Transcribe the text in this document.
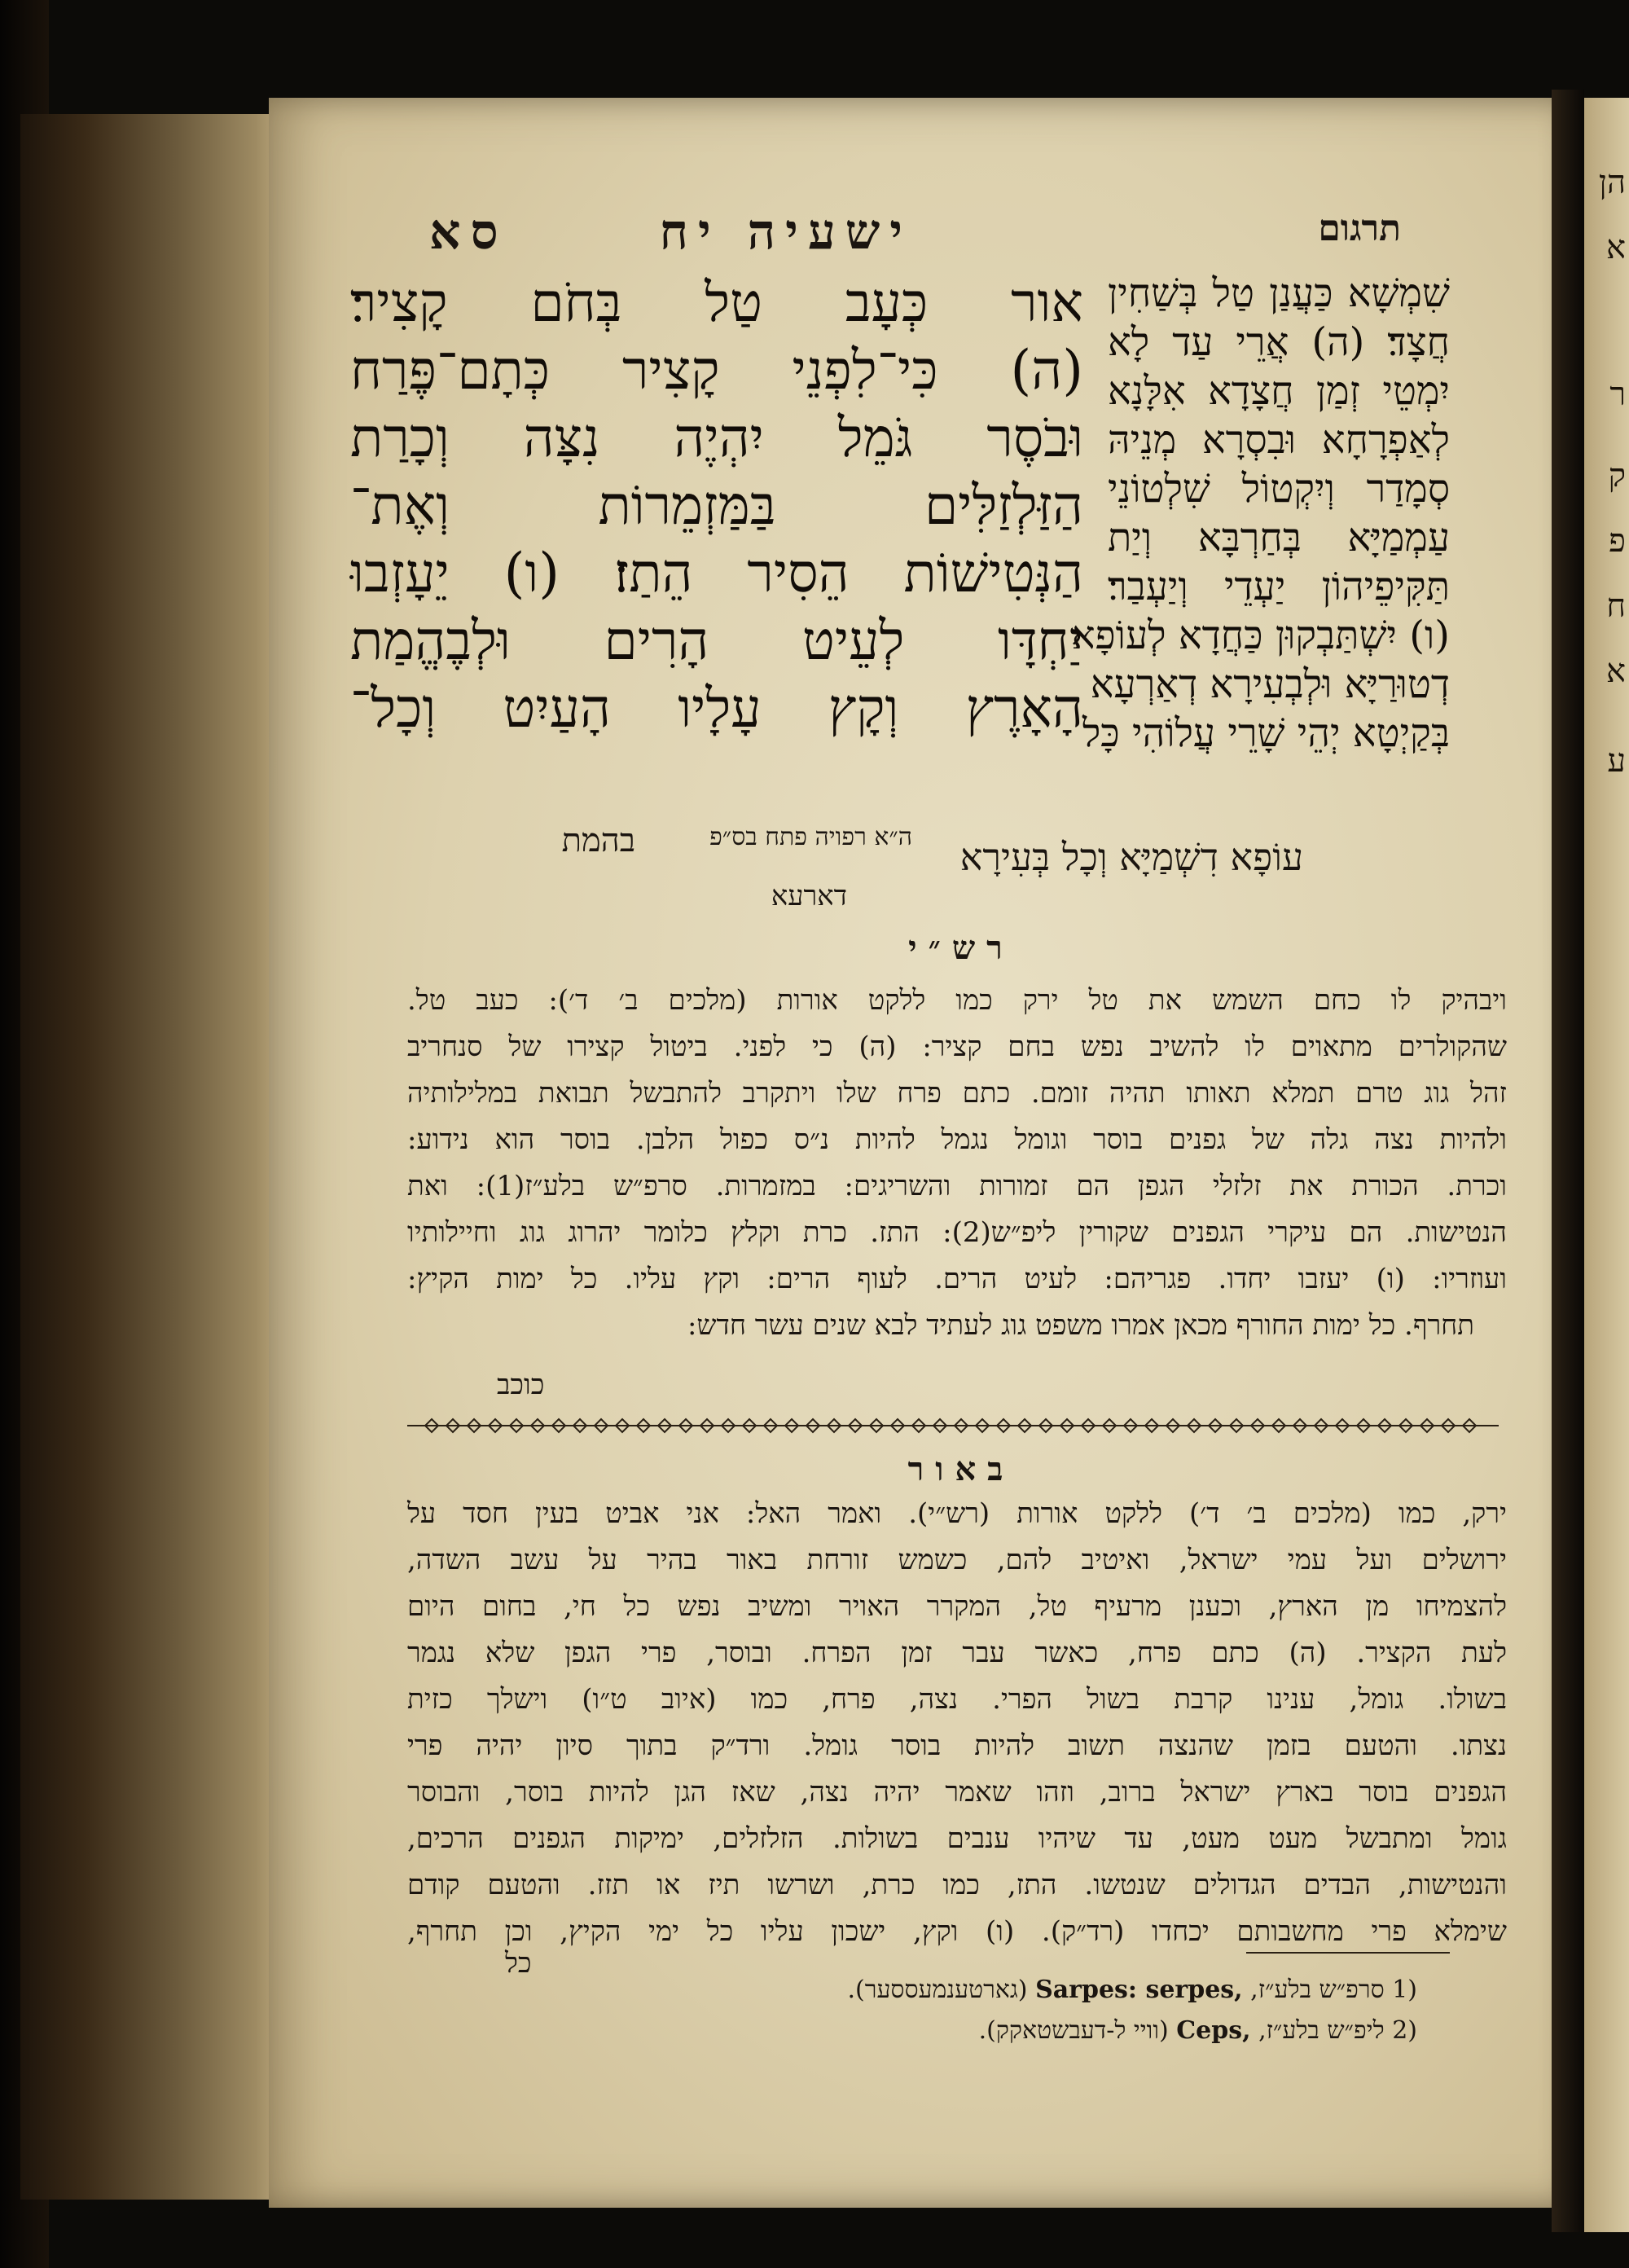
הן
א
ר
ק
פ
ח
א
ע
ישעיה יח  סא	תרגום
אור כְּעָב טַל בְּחֹם קָצִיר׃
(ה) כִּי־לִפְנֵי קָצִיר כְּתָם־פֶּרַח
וּבֹסֶר גֹּמֵל יִהְיֶה נִצָּה וְכָרַת
הַזַּלְזַלִּים בַּמַּזְמֵרוֹת וְאֶת־
הַנְּטִישׁוֹת הֵסִיר הֵתַז׃ (ו) יֵעָזְבוּ
יַחְדָּו לְעֵיט הָרִים וּלְבֶהֱמַת
הָאָרֶץ וְקָץ עָלָיו הָעַיִט וְכָל־
שִׁמְשָׁא כַּעֲנַן טַל בְּשַׁחִין
חֲצָד׃ (ה) אֲרֵי עַד לָא
יִמְטֵי זְמַן חֲצָדָא אִלָּנָא
לְאַפְרָחָא וּבִסְרָא מְנֵיהּ
סְמָדַר וְיִקְטוֹל שִׁלְטוֹנֵי
עַמְמַיָּא בְּחַרְבָּא וְיַת
תַּקִּיפֵיהוֹן יַעְדֵי וְיַעְבַר׃
(ו) יִשְׁתַּבְקוּן כַּחֲדָא לְעוֹפָא
דְטוּרַיָּא וּלְבְעִירָא דְאַרְעָא
בְּקַיְטָא יְהֵי שָׁרֵי עֲלוֹהִי כָּל
עוֹפָא דִשְׁמַיָּא וְכָל בְּעִירָא
ה״א רפויה פתח בס״פ
בהמת
דארעא
רש״י
ויבהיק לו כחם השמש את טל ירק כמו ללקט אורות (מלכים ב׳ ד׳): כעב טל.
שהקולרים מתאוים לו להשיב נפש בחם קציר: (ה) כי לפני. ביטול קצירו של סנחריב
זהל גוג טרם תמלא תאותו תהיה זומם. כתם פרח שלו ויתקרב להתבשל תבואת במלילותיה
ולהיות נצה גלה של גפנים בוסר וגומל נגמל להיות נ״ס כפול הלבן. בוסר הוא נידוע:
וכרת. הכורת את זלזלי הגפן הם זמורות והשריגים: במזמרות. סרפ״ש בלע״ז(1): ואת
הנטישות. הם עיקרי הגפנים שקורין ליפ״ש(2): התז. כרת וקלץ כלומר יהרוג גוג וחיילותיו
ועוזריו: (ו) יעזבו יחדו. פגריהם: לעיט הרים. לעוף הרים: וקץ עליו. כל ימות הקיץ:
תחרף. כל ימות החורף מכאן אמרו משפט גוג לעתיד לבא שנים עשר חדש:
כוכב
באור
ירק, כמו (מלכים ב׳ ד׳) ללקט אורות (רש״י). ואמר האל: אני אביט בעין חסד על
ירושלים ועל עמי ישראל, ואיטיב להם, כשמש זורחת באור בהיר על עשב השדה,
להצמיחו מן הארץ, וכענן מרעיף טל, המקרר האויר ומשיב נפש כל חי, בחום היום
לעת הקציר. (ה) כתם פרח, כאשר עבר זמן הפרח. ובוסר, פרי הגפן שלא נגמר
בשולו. גומל, ענינו קרבת בשול הפרי. נצה, פרח, כמו (איוב ט״ו) וישלך כזית
נצתו. והטעם בזמן שהנצה תשוב להיות בוסר גומל. ורד״ק בתוך סיון יהיה פרי
הגפנים בוסר בארץ ישראל ברוב, וזהו שאמר יהיה נצה, שאז הגן להיות בוסר, והבוסר
גומל ומתבשל מעט מעט, עד שיהיו ענבים בשולות. הזלזלים, ימיקות הגפנים הרכים,
והנטישות, הבדים הגדולים שנטשו. התז, כמו כרת, ושרשו תיז או תזז. והטעם קודם
שימלא פרי מחשבותם יכחדו (רד״ק). (ו) וקץ, ישכון עליו כל ימי הקיץ, וכן תחרף,
כל
(1 סרפ״ש בלע״ז, Sarpes: serpes, (גארטענמעססער).
(2 ליפ״ש בלע״ז, Ceps, (וויי ל-דעבשטאקק).
